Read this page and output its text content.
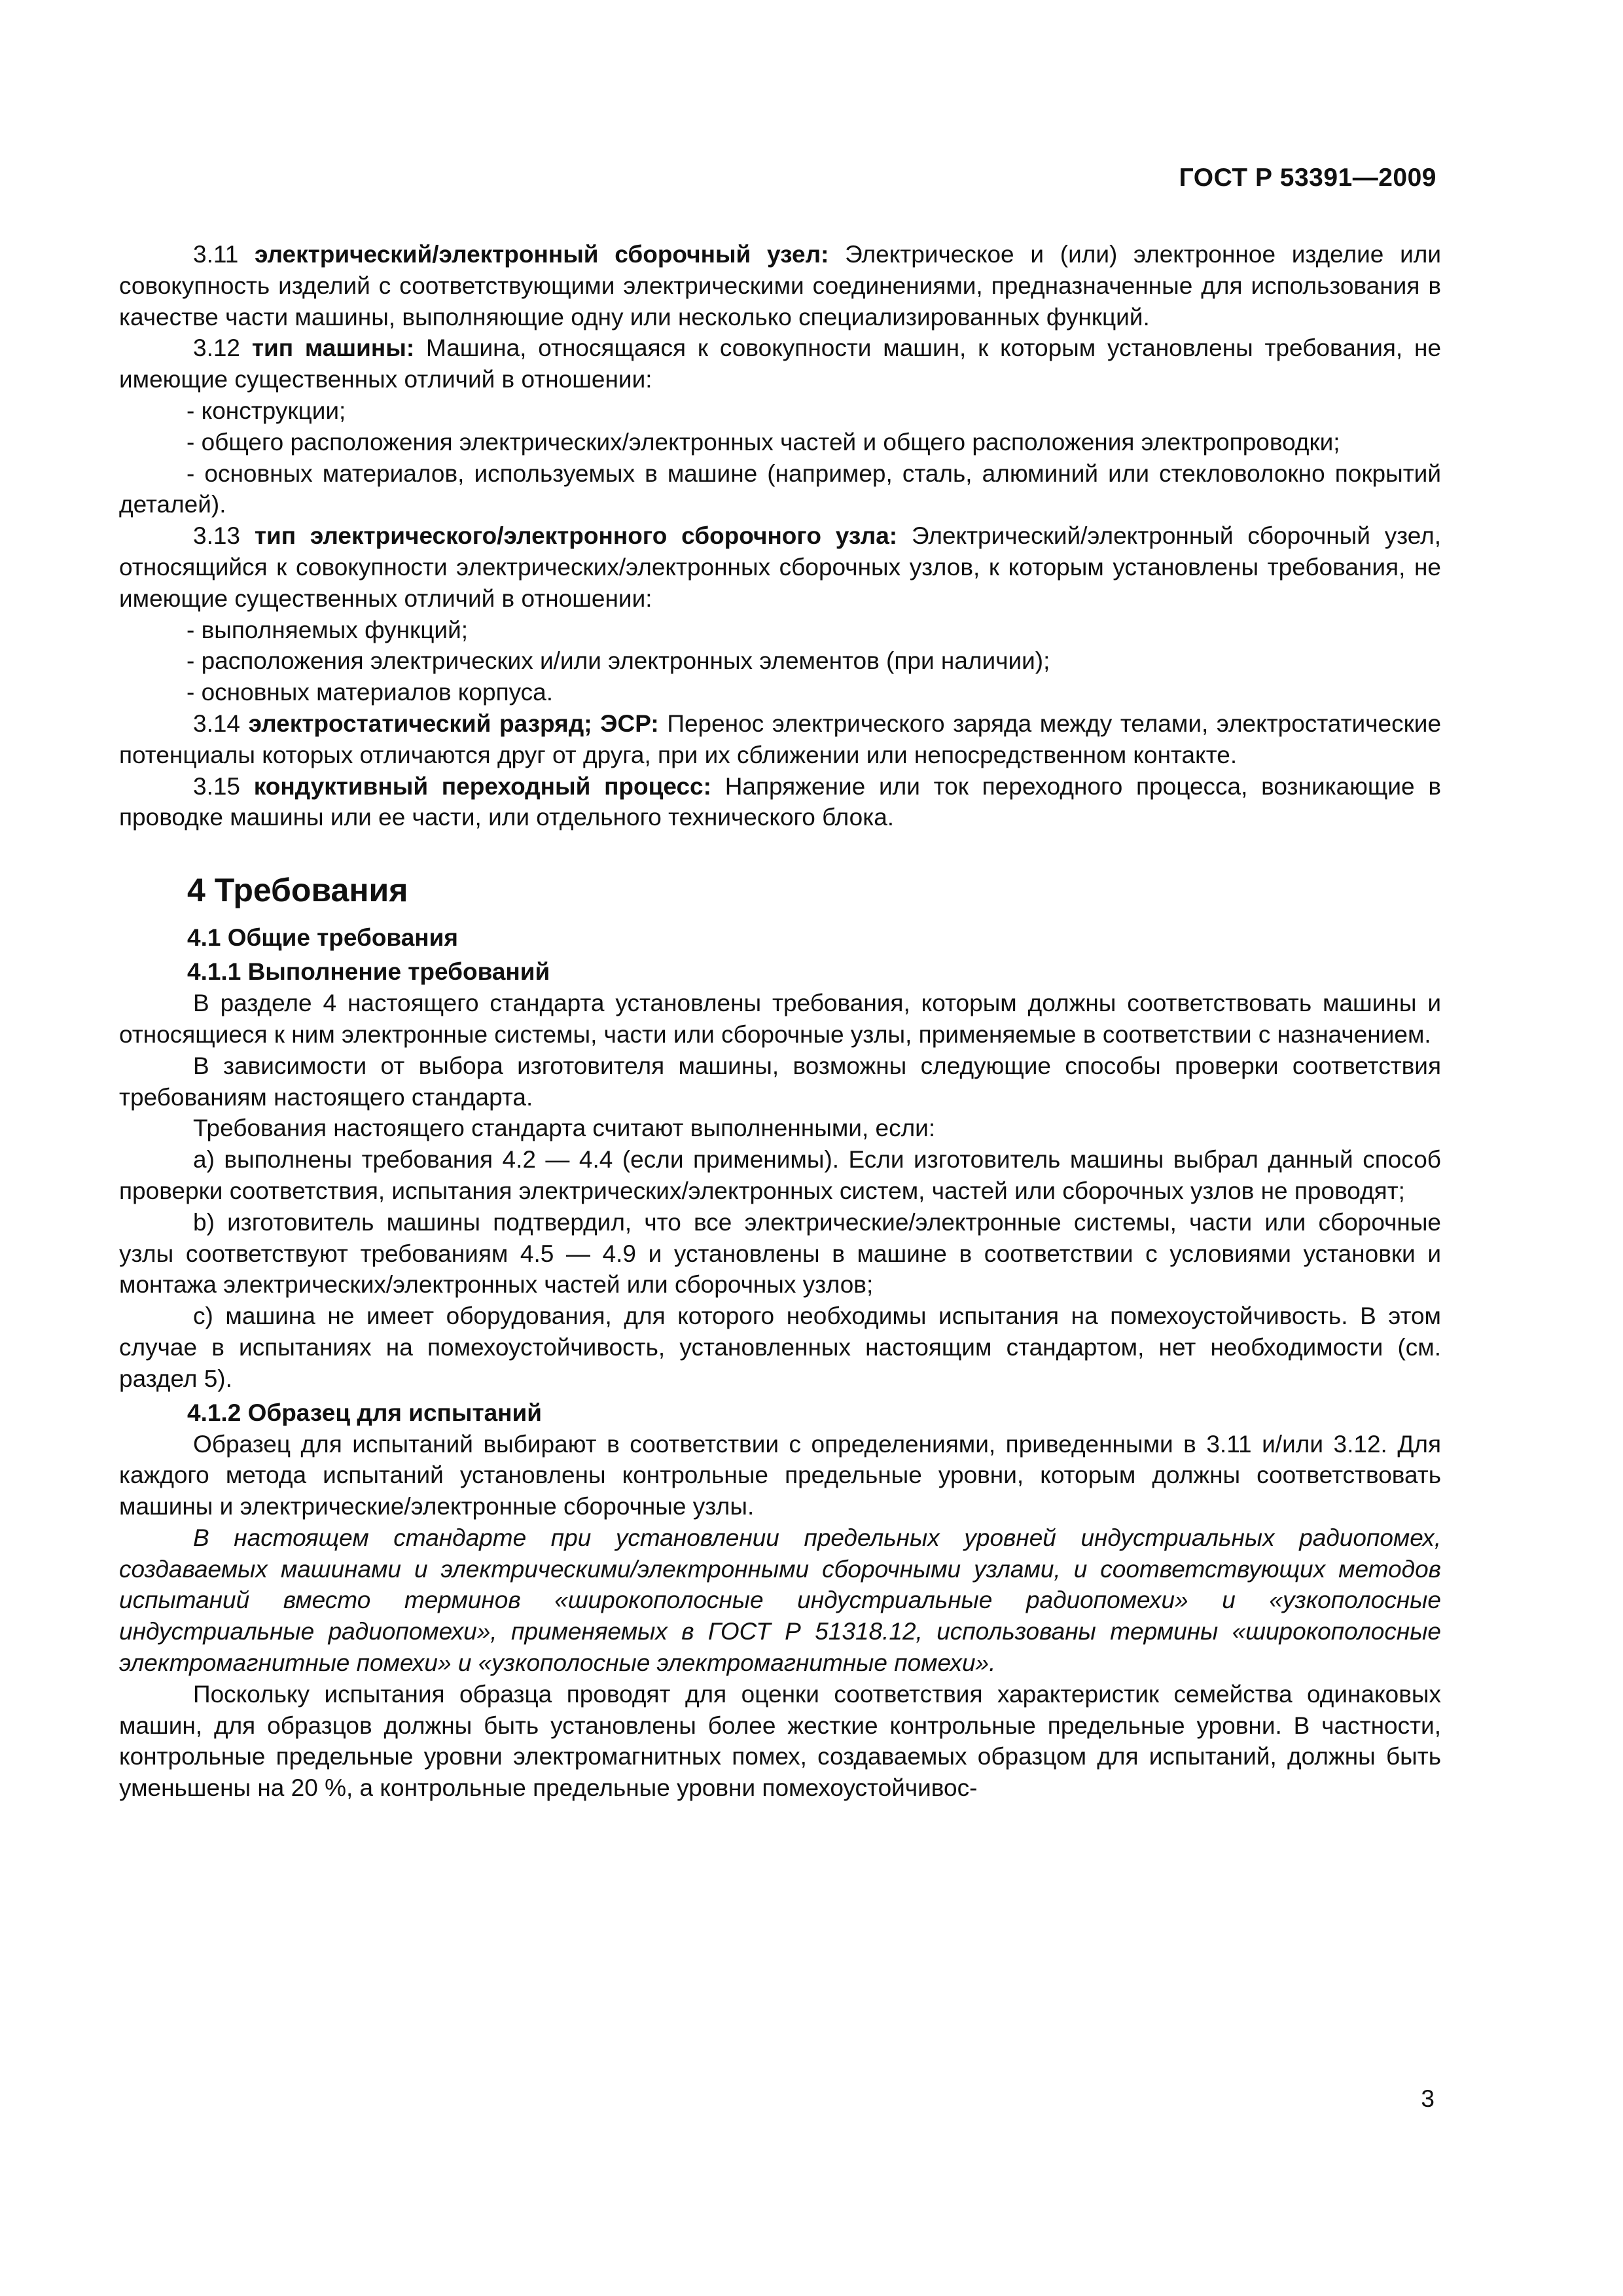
ГОСТ Р 53391—2009

3.11 электрический/электронный сборочный узел: Электрическое и (или) электронное изделие или совокупность изделий с соответствующими электрическими соединениями, предназначенные для использования в качестве части машины, выполняющие одну или несколько специализированных функций.

3.12 тип машины: Машина, относящаяся к совокупности машин, к которым установлены требования, не имеющие существенных отличий в отношении:

- конструкции;

- общего расположения электрических/электронных частей и общего расположения электропроводки;

- основных материалов, используемых в машине (например, сталь, алюминий или стекловолокно покрытий деталей).

3.13 тип электрического/электронного сборочного узла: Электрический/электронный сборочный узел, относящийся к совокупности электрических/электронных сборочных узлов, к которым установлены требования, не имеющие существенных отличий в отношении:

- выполняемых функций;

- расположения электрических и/или электронных элементов (при наличии);

- основных материалов корпуса.

3.14 электростатический разряд; ЭСР: Перенос электрического заряда между телами, электростатические потенциалы которых отличаются друг от друга, при их сближении или непосредственном контакте.

3.15 кондуктивный переходный процесс: Напряжение или ток переходного процесса, возникающие в проводке машины или ее части, или отдельного технического блока.

4 Требования
4.1 Общие требования
4.1.1 Выполнение требований

В разделе 4 настоящего стандарта установлены требования, которым должны соответствовать машины и относящиеся к ним электронные системы, части или сборочные узлы, применяемые в соответствии с назначением.

В зависимости от выбора изготовителя машины, возможны следующие способы проверки соответствия требованиям настоящего стандарта.

Требования настоящего стандарта считают выполненными, если:

a) выполнены требования 4.2 — 4.4 (если применимы). Если изготовитель машины выбрал данный способ проверки соответствия, испытания электрических/электронных систем, частей или сборочных узлов не проводят;

b) изготовитель машины подтвердил, что все электрические/электронные системы, части или сборочные узлы соответствуют требованиям 4.5 — 4.9 и установлены в машине в соответствии с условиями установки и монтажа электрических/электронных частей или сборочных узлов;

c) машина не имеет оборудования, для которого необходимы испытания на помехоустойчивость. В этом случае в испытаниях на помехоустойчивость, установленных настоящим стандартом, нет необходимости (см. раздел 5).

4.1.2 Образец для испытаний

Образец для испытаний выбирают в соответствии с определениями, приведенными в 3.11 и/или 3.12. Для каждого метода испытаний установлены контрольные предельные уровни, которым должны соответствовать машины и электрические/электронные сборочные узлы.

В настоящем стандарте при установлении предельных уровней индустриальных радиопомех, создаваемых машинами и электрическими/электронными сборочными узлами, и соответствующих методов испытаний вместо терминов «широкополосные индустриальные радиопомехи» и «узкополосные индустриальные радиопомехи», применяемых в ГОСТ Р 51318.12, использованы термины «широкополосные электромагнитные помехи» и «узкополосные электромагнитные помехи».

Поскольку испытания образца проводят для оценки соответствия характеристик семейства одинаковых машин, для образцов должны быть установлены более жесткие контрольные предельные уровни. В частности, контрольные предельные уровни электромагнитных помех, создаваемых образцом для испытаний, должны быть уменьшены на 20 %, а контрольные предельные уровни помехоустойчивос-

3
